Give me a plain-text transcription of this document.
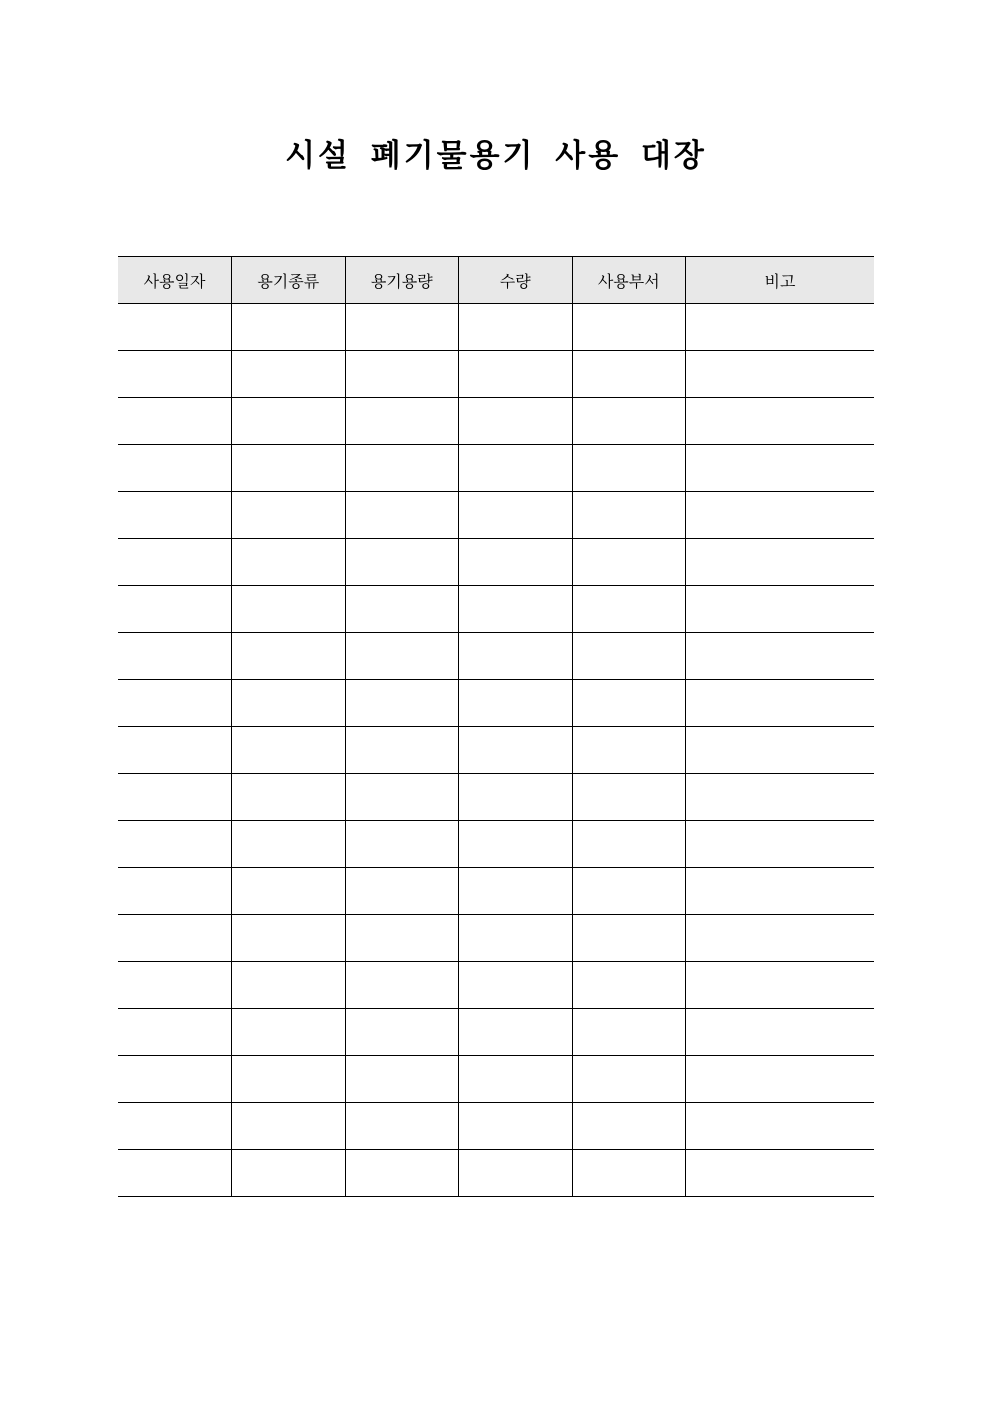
시설 폐기물용기 사용 대장
사용일자	용기종류	용기용량	수량	사용부서	비고
